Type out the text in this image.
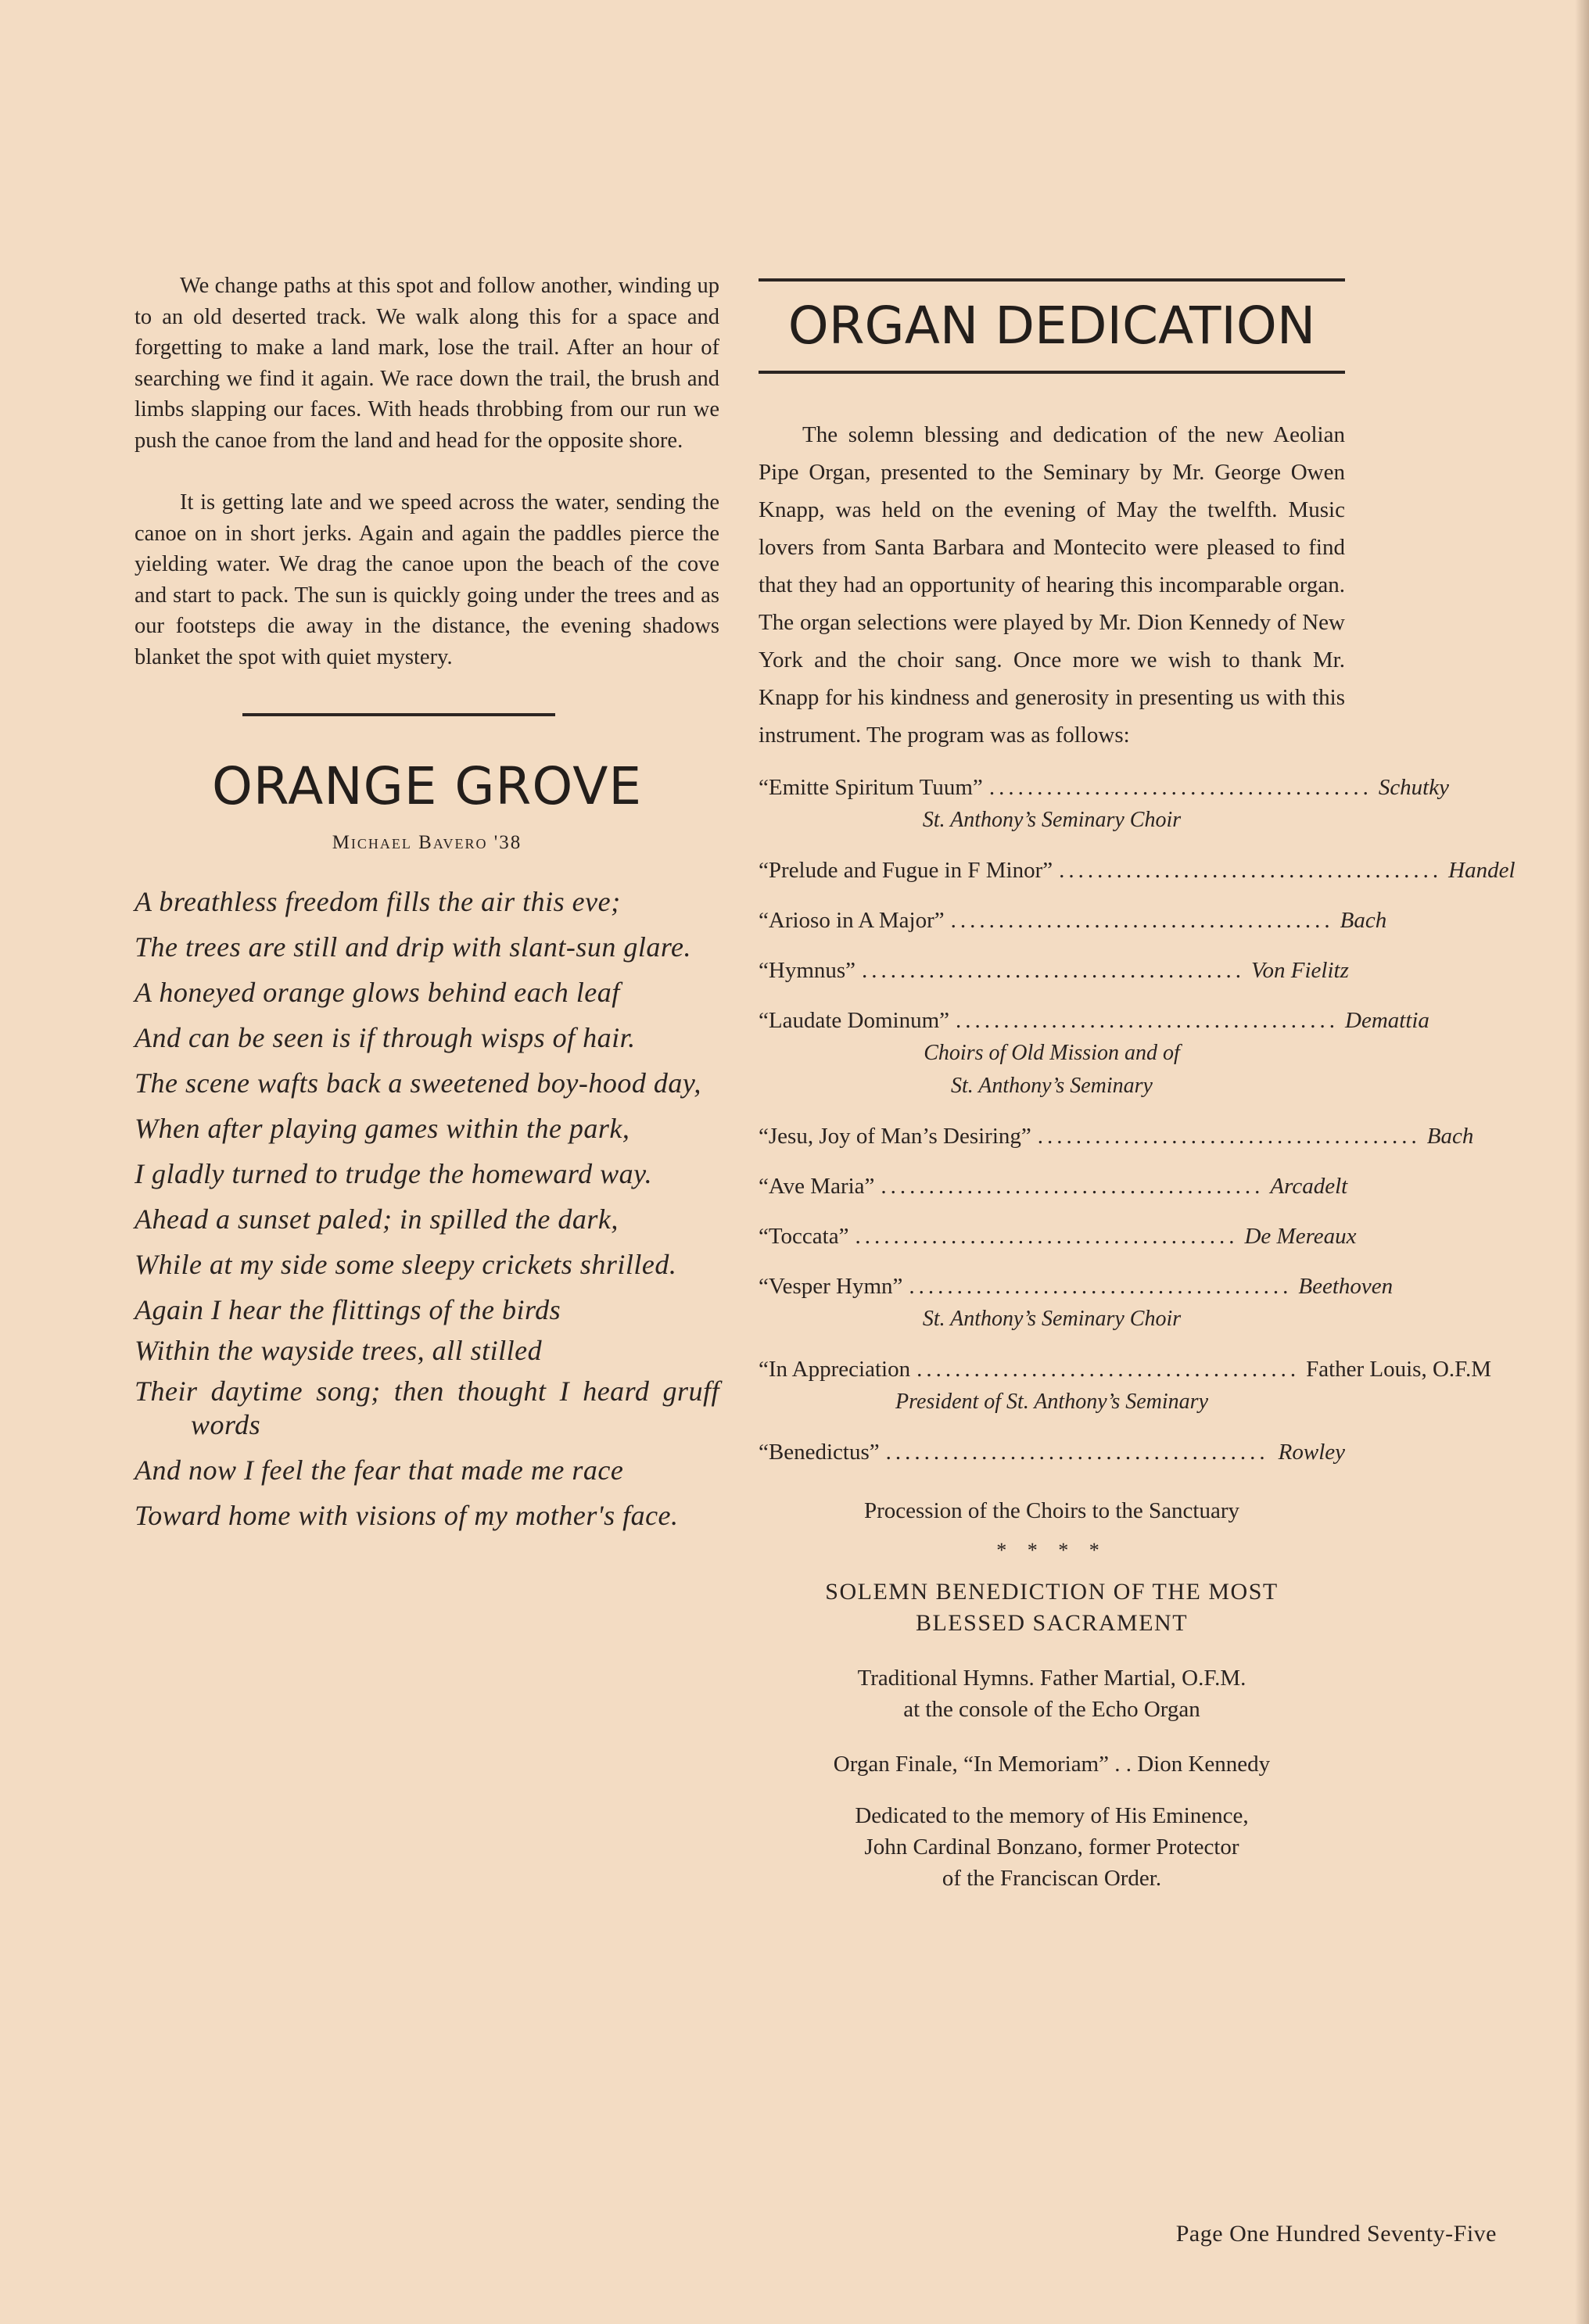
We change paths at this spot and follow another, winding up to an old deserted track. We walk along this for a space and forgetting to make a land mark, lose the trail. After an hour of searching we find it again. We race down the trail, the brush and limbs slapping our faces. With heads throbbing from our run we push the canoe from the land and head for the opposite shore.

It is getting late and we speed across the water, sending the canoe on in short jerks. Again and again the paddles pierce the yielding water. We drag the canoe upon the beach of the cove and start to pack. The sun is quickly going under the trees and as our footsteps die away in the distance, the evening shadows blanket the spot with quiet mystery.

ORANGE GROVE
Michael Bavero '38
A breathless freedom fills the air this eve;
The trees are still and drip with slant-sun glare.
A honeyed orange glows behind each leaf
And can be seen is if through wisps of hair.
The scene wafts back a sweetened boy-hood day,
When after playing games within the park,
I gladly turned to trudge the homeward way.
Ahead a sunset paled; in spilled the dark,
While at my side some sleepy crickets shrilled.
Again I hear the flittings of the birds
Within the wayside trees, all stilled
Their daytime song; then thought I heard gruff words
And now I feel the fear that made me race
Toward home with visions of my mother's face.
ORGAN DEDICATION
The solemn blessing and dedication of the new Aeolian Pipe Organ, presented to the Seminary by Mr. George Owen Knapp, was held on the evening of May the twelfth. Music lovers from Santa Barbara and Montecito were pleased to find that they had an opportunity of hearing this incomparable organ. The organ selections were played by Mr. Dion Kennedy of New York and the choir sang. Once more we wish to thank Mr. Knapp for his kindness and generosity in presenting us with this instrument. The program was as follows:
“Emitte Spiritum Tuum” ........................................ Schutky
St. Anthony’s Seminary Choir
“Prelude and Fugue in F Minor” ........................................ Handel
“Arioso in A Major” ........................................ Bach
“Hymnus” ........................................ Von Fielitz
“Laudate Dominum” ........................................ Demattia
Choirs of Old Mission and of
St. Anthony’s Seminary
“Jesu, Joy of Man’s Desiring” ........................................ Bach
“Ave Maria” ........................................ Arcadelt
“Toccata” ........................................ De Mereaux
“Vesper Hymn” ........................................ Beethoven
St. Anthony’s Seminary Choir
“In Appreciation ........................................ Father Louis, O.F.M
President of St. Anthony’s Seminary
“Benedictus” ........................................ Rowley
Procession of the Choirs to the Sanctuary
* * * *
SOLEMN BENEDICTION OF THE MOST
BLESSED SACRAMENT
Traditional Hymns. Father Martial, O.F.M.
at the console of the Echo Organ
Organ Finale, “In Memoriam” . . Dion Kennedy
Dedicated to the memory of His Eminence,
John Cardinal Bonzano, former Protector
of the Franciscan Order.
Page One Hundred Seventy-Five
